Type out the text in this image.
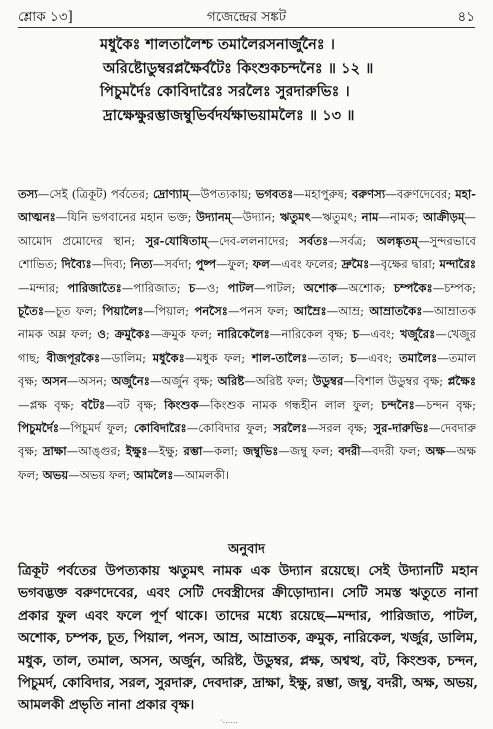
শ্লোক ১৩]	গজেন্দ্রের সঙ্কট	৪১
মধুকৈঃ শালতালৈশ্চ তমালৈরসনার্জুনৈঃ ।
অরিষ্টোডুম্বরপ্লক্ষৈর্বটৈঃ কিংশুকচন্দনৈঃ ॥ ১২ ॥
পিচুমর্দৈঃ কোবিদারৈঃ সরলৈঃ সুরদারুভিঃ ।
দ্রাক্ষেক্ষুরম্ভাজম্বুভির্বদর্যক্ষাভয়ামলৈঃ ॥ ১৩ ॥
তস্য—সেই (ত্রিকূট) পর্বতের; দ্রোণ্যাম্—উপত্যকায়; ভগবতঃ—মহাপুরুষ; বরুণস্য—বরুণদেবের; মহা-আত্মনঃ—যিনি ভগবানের মহান ভক্ত; উদ্যানম্—উদ্যান; ঋতুমৎ—ঋতুমৎ; নাম—নামক; আক্রীড়ম্—আমোদ প্রমোদের স্থান; সুর-যোষিতাম্—দেব-ললনাদের; সর্বতঃ—সর্বত্র; অলঙ্কৃতম্—সুন্দরভাবে শোভিত; দিব্যৈঃ—দিব্য; নিত্য—সর্বদা; পুষ্প—ফুল; ফল—এবং ফলের; দ্রুমৈঃ—বৃক্ষের দ্বারা; মন্দারৈঃ—মন্দার; পারিজাতৈঃ—পারিজাত; চ—ও; পাটল—পাটল; অশোক—অশোক; চম্পকৈঃ—চম্পক; চূতৈঃ—চূত ফল; পিয়ালৈঃ—পিয়াল; পনসৈঃ—পনস ফল; আম্রৈঃ—আম্র; আম্রাতকৈঃ—আম্রাতক নামক অম্ল ফল; ও; ক্রমুকৈঃ—ক্রমুক ফল; নারিকেলৈঃ—নারিকেল বৃক্ষ; চ—এবং; খর্জুরৈঃ—খেজুর গাছ; বীজপূরকৈঃ—ডালিম; মধুকৈঃ—মধুক ফল; শাল-তালৈঃ—তাল; চ—এবং; তমালৈঃ—তমাল বৃক্ষ; অসন—অসন; অর্জুনৈঃ—অর্জুন বৃক্ষ; অরিষ্ট—অরিষ্ট ফল; উডুম্বর—বিশাল উডুম্বর বৃক্ষ; প্লক্ষৈঃ—প্লক্ষ বৃক্ষ; বটৈঃ—বট বৃক্ষ; কিংশুক—কিংশুক নামক গন্ধহীন লাল ফুল; চন্দনৈঃ—চন্দন বৃক্ষ; পিচুমর্দৈঃ—পিচুমর্দ ফুল; কোবিদারৈঃ—কোবিদার ফুল; সরলৈঃ—সরল বৃক্ষ; সুর-দারুভিঃ—দেবদারু বৃক্ষ; দ্রাক্ষা—আঙ্গুর; ইক্ষুঃ—ইক্ষু; রম্ভা—কলা; জম্বুভিঃ—জম্বু ফল; বদরী—বদরী ফল; অক্ষ—অক্ষ ফল; অভয়—অভয় ফল; আমলৈঃ—আমলকী।
অনুবাদ
ত্রিকূট পর্বতের উপত্যকায় ঋতুমৎ নামক এক উদ্যান রয়েছে। সেই উদ্যানটি মহান ভগবদ্ভক্ত বরুণদেবের, এবং সেটি দেবস্ত্রীদের ক্রীড়োদ্যান। সেটি সমস্ত ঋতুতে নানা প্রকার ফুল এবং ফলে পূর্ণ থাকে। তাদের মধ্যে রয়েছে—মন্দার, পারিজাত, পাটল, অশোক, চম্পক, চূত, পিয়াল, পনস, আম্র, আম্রাতক, ক্রমুক, নারিকেল, খর্জুর, ডালিম, মধুক, তাল, তমাল, অসন, অর্জুন, অরিষ্ট, উডুম্বর, প্লক্ষ, অশ্বত্থ, বট, কিংশুক, চন্দন, পিচুমর্দ, কোবিদার, সরল, সুরদারু, দেবদারু, দ্রাক্ষা, ইক্ষু, রম্ভা, জম্বু, বদরী, অক্ষ, অভয়, আমলকী প্রভৃতি নানা প্রকার বৃক্ষ।
·......
